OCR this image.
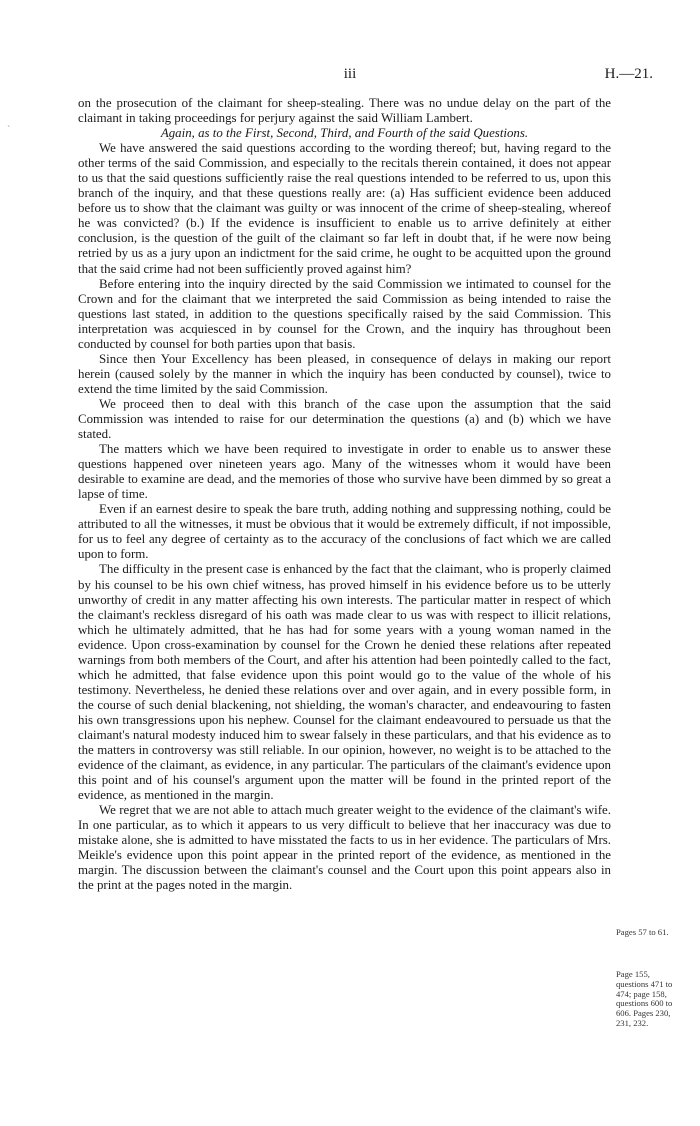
`
iii	H.—21.

on the prosecution of the claimant for sheep-stealing. There was no undue delay on the part of the claimant in taking proceedings for perjury against the said William Lambert.

Again, as to the First, Second, Third, and Fourth of the said Questions.

We have answered the said questions according to the wording thereof; but, having regard to the other terms of the said Commission, and especially to the recitals therein contained, it does not appear to us that the said questions sufficiently raise the real questions intended to be referred to us, upon this branch of the inquiry, and that these questions really are: (a) Has sufficient evidence been adduced before us to show that the claimant was guilty or was innocent of the crime of sheep-stealing, whereof he was convicted? (b.) If the evidence is insufficient to enable us to arrive definitely at either conclusion, is the question of the guilt of the claimant so far left in doubt that, if he were now being retried by us as a jury upon an indictment for the said crime, he ought to be acquitted upon the ground that the said crime had not been sufficiently proved against him?

Before entering into the inquiry directed by the said Commission we intimated to counsel for the Crown and for the claimant that we interpreted the said Commission as being intended to raise the questions last stated, in addition to the questions specifically raised by the said Commission. This interpretation was acquiesced in by counsel for the Crown, and the inquiry has throughout been conducted by counsel for both parties upon that basis.

Since then Your Excellency has been pleased, in consequence of delays in making our report herein (caused solely by the manner in which the inquiry has been conducted by counsel), twice to extend the time limited by the said Commission.

We proceed then to deal with this branch of the case upon the assumption that the said Commission was intended to raise for our determination the questions (a) and (b) which we have stated.

The matters which we have been required to investigate in order to enable us to answer these questions happened over nineteen years ago. Many of the witnesses whom it would have been desirable to examine are dead, and the memories of those who survive have been dimmed by so great a lapse of time.

Even if an earnest desire to speak the bare truth, adding nothing and suppressing nothing, could be attributed to all the witnesses, it must be obvious that it would be extremely difficult, if not impossible, for us to feel any degree of certainty as to the accuracy of the conclusions of fact which we are called upon to form.

The difficulty in the present case is enhanced by the fact that the claimant, who is properly claimed by his counsel to be his own chief witness, has proved himself in his evidence before us to be utterly unworthy of credit in any matter affecting his own interests. The particular matter in respect of which the claimant's reckless disregard of his oath was made clear to us was with respect to illicit relations, which he ultimately admitted, that he has had for some years with a young woman named in the evidence. Upon cross-examination by counsel for the Crown he denied these relations after repeated warnings from both members of the Court, and after his attention had been pointedly called to the fact, which he admitted, that false evidence upon this point would go to the value of the whole of his testimony. Nevertheless, he denied these relations over and over again, and in every possible form, in the course of such denial blackening, not shielding, the woman's character, and endeavouring to fasten his own transgressions upon his nephew. Counsel for the claimant endeavoured to persuade us that the claimant's natural modesty induced him to swear falsely in these particulars, and that his evidence as to the matters in controversy was still reliable. In our opinion, however, no weight is to be attached to the evidence of the claimant, as evidence, in any particular. The particulars of the claimant's evidence upon this point and of his counsel's argument upon the matter will be found in the printed report of the evidence, as mentioned in the margin.

We regret that we are not able to attach much greater weight to the evidence of the claimant's wife. In one particular, as to which it appears to us very difficult to believe that her inaccuracy was due to mistake alone, she is admitted to have misstated the facts to us in her evidence. The particulars of Mrs. Meikle's evidence upon this point appear in the printed report of the evidence, as mentioned in the margin. The discussion between the claimant's counsel and the Court upon this point appears also in the print at the pages noted in the margin.

Pages 57 to 61.
Page 155, questions 471 to 474; page 158, questions 600 to 606. Pages 230, 231, 232.
